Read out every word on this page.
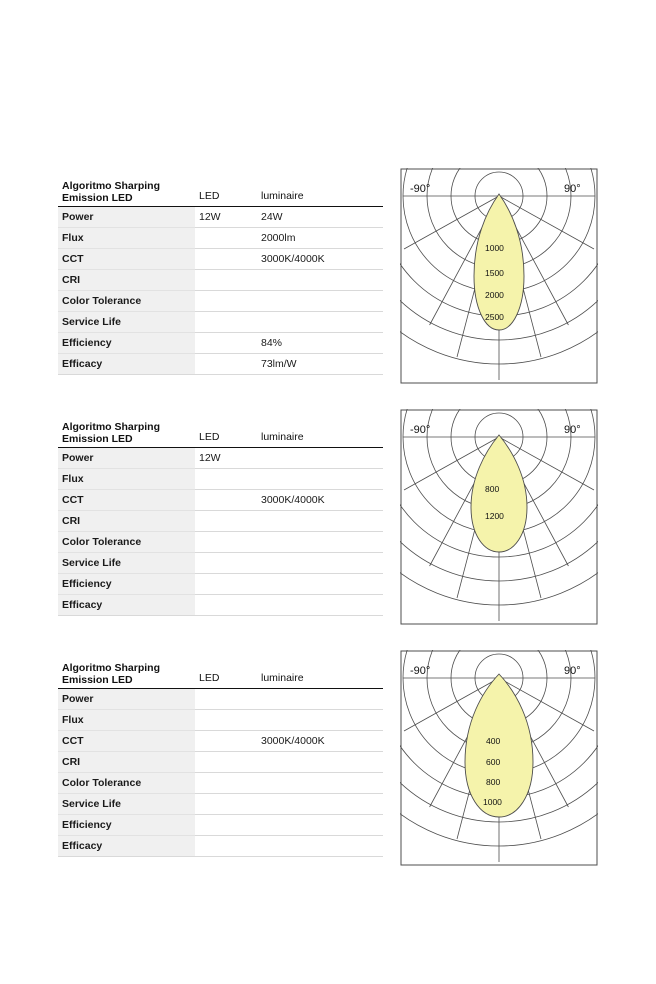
Algoritmo Sharping
Emission LED	LED	luminaire
Power	12W	24W
Flux		2000lm
CCT		3000K/4000K
CRI		
Color Tolerance		
Service Life		
Efficiency		84%
Efficacy		73lm/W
-90°	90°
1000
1500
2000
2500
Algoritmo Sharping
Emission LED	LED	luminaire
Power	12W	
Flux		
CCT		3000K/4000K
CRI		
Color Tolerance		
Service Life		
Efficiency		
Efficacy		
-90°	90°
800
1200
Algoritmo Sharping
Emission LED	LED	luminaire
Power		
Flux		
CCT		3000K/4000K
CRI		
Color Tolerance		
Service Life		
Efficiency		
Efficacy		
-90°	90°
400
600
800
1000
